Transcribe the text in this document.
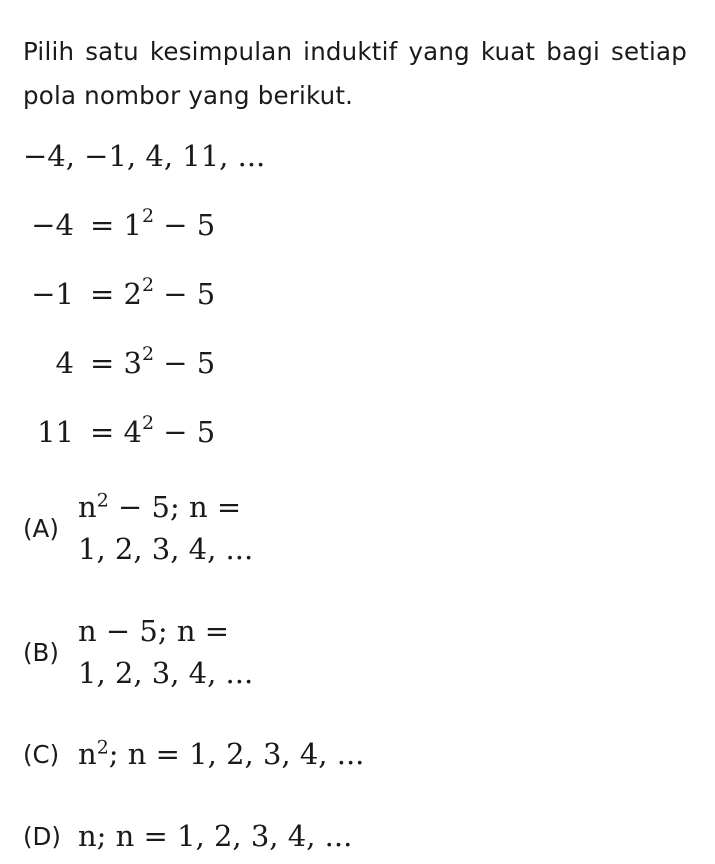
Pilih satu kesimpulan induktif yang kuat bagi setiap pola nombor yang berikut.
−4, −1, 4, 11, ...
$-4 = 1^2 - 5$
$-1 = 2^2 - 5$
$4 = 3^2 - 5$
$11 = 4^2 - 5$
(A)
$n^2 - 5$; n =
1, 2, 3, 4, ...
(B)
n − 5; n =
1, 2, 3, 4, ...
(C) $n^2$; n = 1, 2, 3, 4, ...
(D) n; n = 1, 2, 3, 4, ...
